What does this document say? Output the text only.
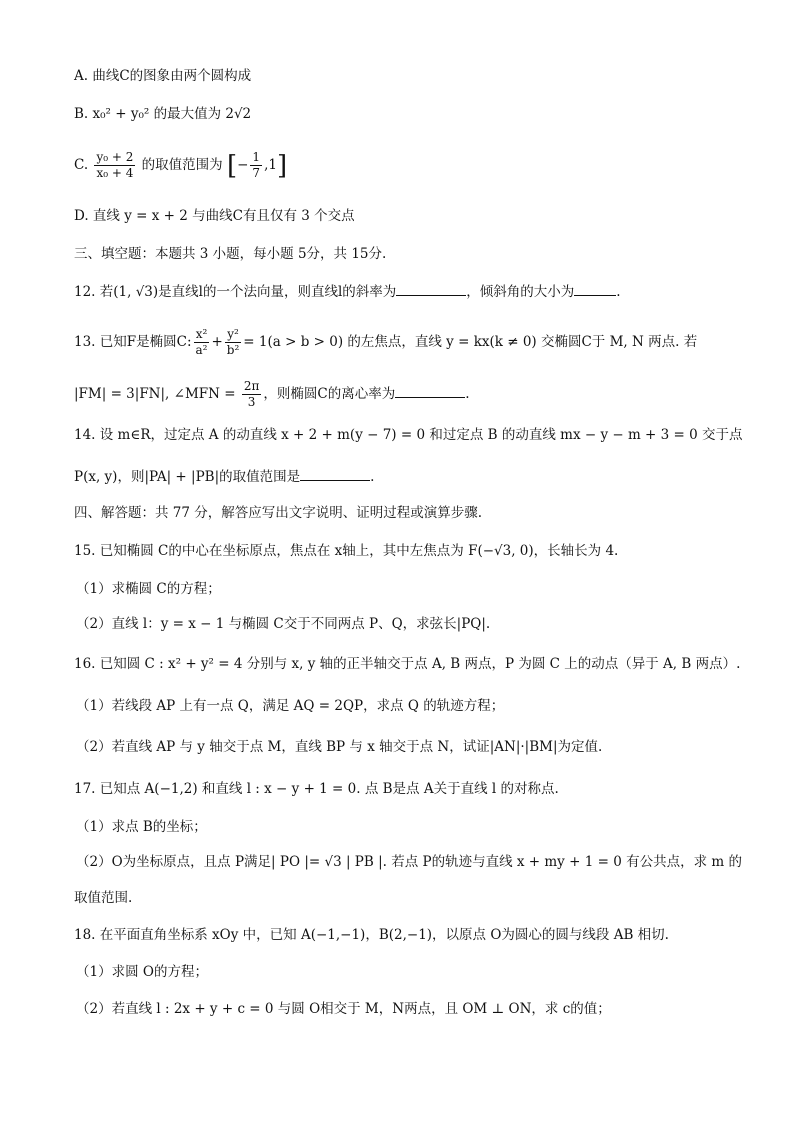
A. 曲线C的图象由两个圆构成
B. x₀² + y₀² 的最大值为 2√2
C. $\frac{\text{y₀ + 2}}{\text{x₀ + 4}}$ 的取值范围为 [− $\frac{1}{7} ,1$]
D. 直线 y = x + 2 与曲线C有且仅有 3 个交点
三、填空题：本题共 3 小题，每小题 5分，共 15分.
12. 若(1, √3)是直线l的一个法向量，则直线l的斜率为	，倾斜角的大小为	.
13. 已知F是椭圆C: $\frac{\text{x²}}{\text{a²}} + \frac{\text{y²}}{\text{b²}} = 1(a > b > 0)$ 的左焦点，直线 y = kx(k ≠ 0) 交椭圆C于 M, N 两点. 若
|FM| = 3|FN|, ∠MFN = $\frac{2\pi}{3}$ ，则椭圆C的离心率为	.
14. 设 m∈R，过定点 A 的动直线 x + 2 + m(y − 7) = 0 和过定点 B 的动直线 mx − y − m + 3 = 0 交于点
P(x, y)，则|PA| + |PB|的取值范围是	.
四、解答题：共 77 分，解答应写出文字说明、证明过程或演算步骤.
15. 已知椭圆 C的中心在坐标原点，焦点在 x轴上，其中左焦点为 F(−√3, 0)，长轴长为 4.
（1）求椭圆 C的方程；
（2）直线 l：y = x − 1 与椭圆 C交于不同两点 P、Q，求弦长|PQ|.
16. 已知圆 C : x² + y² = 4 分别与 x, y 轴的正半轴交于点 A, B 两点，P 为圆 C 上的动点（异于 A, B 两点）.
（1）若线段 AP 上有一点 Q，满足 AQ = 2QP，求点 Q 的轨迹方程；
（2）若直线 AP 与 y 轴交于点 M，直线 BP 与 x 轴交于点 N，试证|AN|·|BM|为定值.
17. 已知点 A(−1,2) 和直线 l : x − y + 1 = 0. 点 B是点 A关于直线 l 的对称点.
（1）求点 B的坐标；
（2）O为坐标原点，且点 P满足| PO |= √3 | PB |. 若点 P的轨迹与直线 x + my + 1 = 0 有公共点，求 m 的
取值范围.
18. 在平面直角坐标系 xOy 中，已知 A(−1,−1)，B(2,−1)，以原点 O为圆心的圆与线段 AB 相切.
（1）求圆 O的方程；
（2）若直线 l : 2x + y + c = 0 与圆 O相交于 M，N两点，且 OM ⊥ ON，求 c的值；
